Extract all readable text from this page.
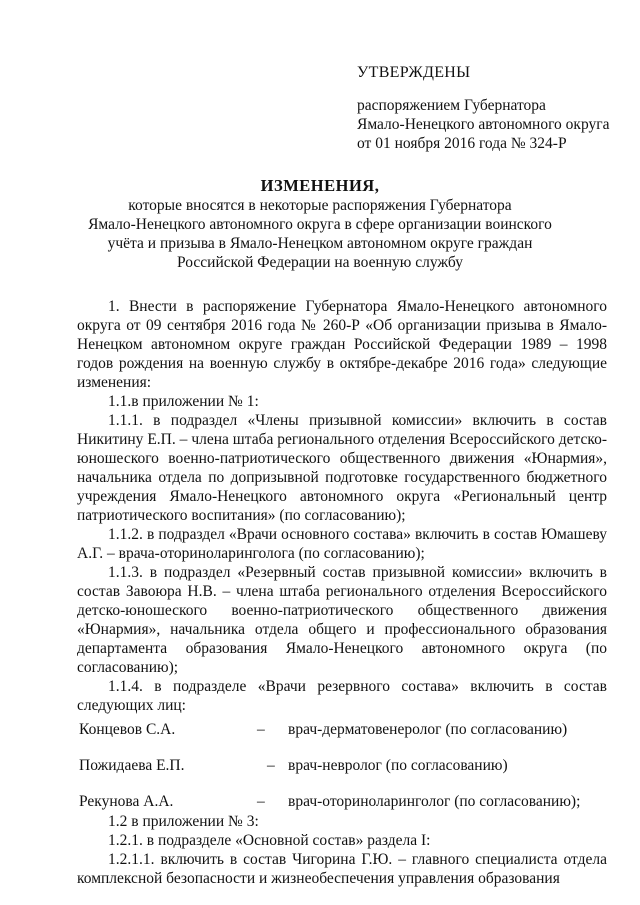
УТВЕРЖДЕНЫ
распоряжением Губернатора
Ямало-Ненецкого автономного округа
от 01 ноября 2016 года № 324-Р
ИЗМЕНЕНИЯ,
которые вносятся в некоторые распоряжения Губернатора
Ямало-Ненецкого автономного округа в сфере организации воинского
учёта и призыва в Ямало-Ненецком автономном округе граждан
Российской Федерации на военную службу
1. Внести в распоряжение Губернатора Ямало-Ненецкого автономного округа от 09 сентября 2016 года № 260-Р «Об организации призыва в Ямало-Ненецком автономном округе граждан Российской Федерации 1989 – 1998 годов рождения на военную службу в октябре-декабре 2016 года» следующие изменения:
1.1.в приложении № 1:
1.1.1. в подраздел «Члены призывной комиссии» включить в состав Никитину Е.П. – члена штаба регионального отделения Всероссийского детско-юношеского военно-патриотического общественного движения «Юнармия», начальника отдела по допризывной подготовке государственного бюджетного учреждения Ямало-Ненецкого автономного округа «Региональный центр патриотического воспитания» (по согласованию);
1.1.2. в подраздел «Врачи основного состава» включить в состав Юмашеву А.Г. – врача-оториноларинголога (по согласованию);
1.1.3. в подраздел «Резервный состав призывной комиссии» включить в состав Завоюра Н.В. – члена штаба регионального отделения Всероссийского детско-юношеского военно-патриотического общественного движения «Юнармия», начальника отдела общего и профессионального образования департамента образования Ямало-Ненецкого автономного округа (по согласованию);
1.1.4. в подразделе «Врачи резервного состава» включить в состав следующих лиц:
Концевов С.А.	– врач-дерматовенеролог (по согласованию)
Пожидаева Е.П.	– врач-невролог (по согласованию)
Рекунова А.А.	– врач-оториноларинголог (по согласованию);
1.2 в приложении № 3:
1.2.1. в подразделе «Основной состав» раздела I:
1.2.1.1. включить в состав Чигорина Г.Ю. – главного специалиста отдела комплексной безопасности и жизнеобеспечения управления образования
